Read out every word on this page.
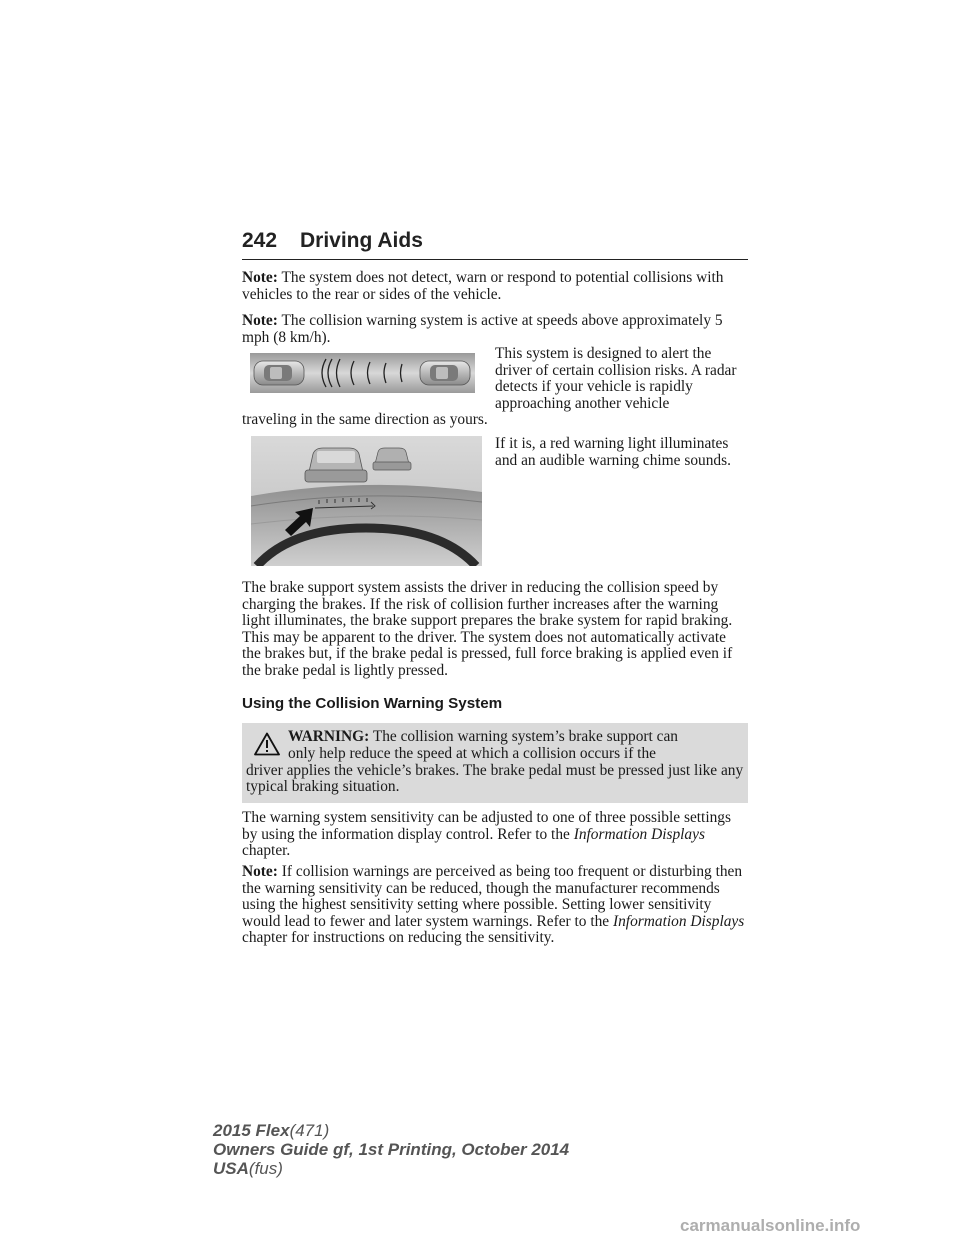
242 Driving Aids

Note: The system does not detect, warn or respond to potential collisions with vehicles to the rear or sides of the vehicle.

Note: The collision warning system is active at speeds above approximately 5 mph (8 km/h).

This system is designed to alert the driver of certain collision risks. A radar detects if your vehicle is rapidly approaching another vehicle

traveling in the same direction as yours.

If it is, a red warning light illuminates and an audible warning chime sounds.

The brake support system assists the driver in reducing the collision speed by charging the brakes. If the risk of collision further increases after the warning light illuminates, the brake support prepares the brake system for rapid braking. This may be apparent to the driver. The system does not automatically activate the brakes but, if the brake pedal is pressed, full force braking is applied even if the brake pedal is lightly pressed.

Using the Collision Warning System
WARNING: The collision warning system’s brake support can
only help reduce the speed at which a collision occurs if the
driver applies the vehicle’s brakes. The brake pedal must be pressed just like any typical braking situation.

The warning system sensitivity can be adjusted to one of three possible settings by using the information display control. Refer to the Information Displays chapter.

Note: If collision warnings are perceived as being too frequent or disturbing then the warning sensitivity can be reduced, though the manufacturer recommends using the highest sensitivity setting where possible. Setting lower sensitivity would lead to fewer and later system warnings. Refer to the Information Displays chapter for instructions on reducing the sensitivity.

2015 Flex(471)
Owners Guide gf, 1st Printing, October 2014
USA(fus)
carmanualsonline.info
